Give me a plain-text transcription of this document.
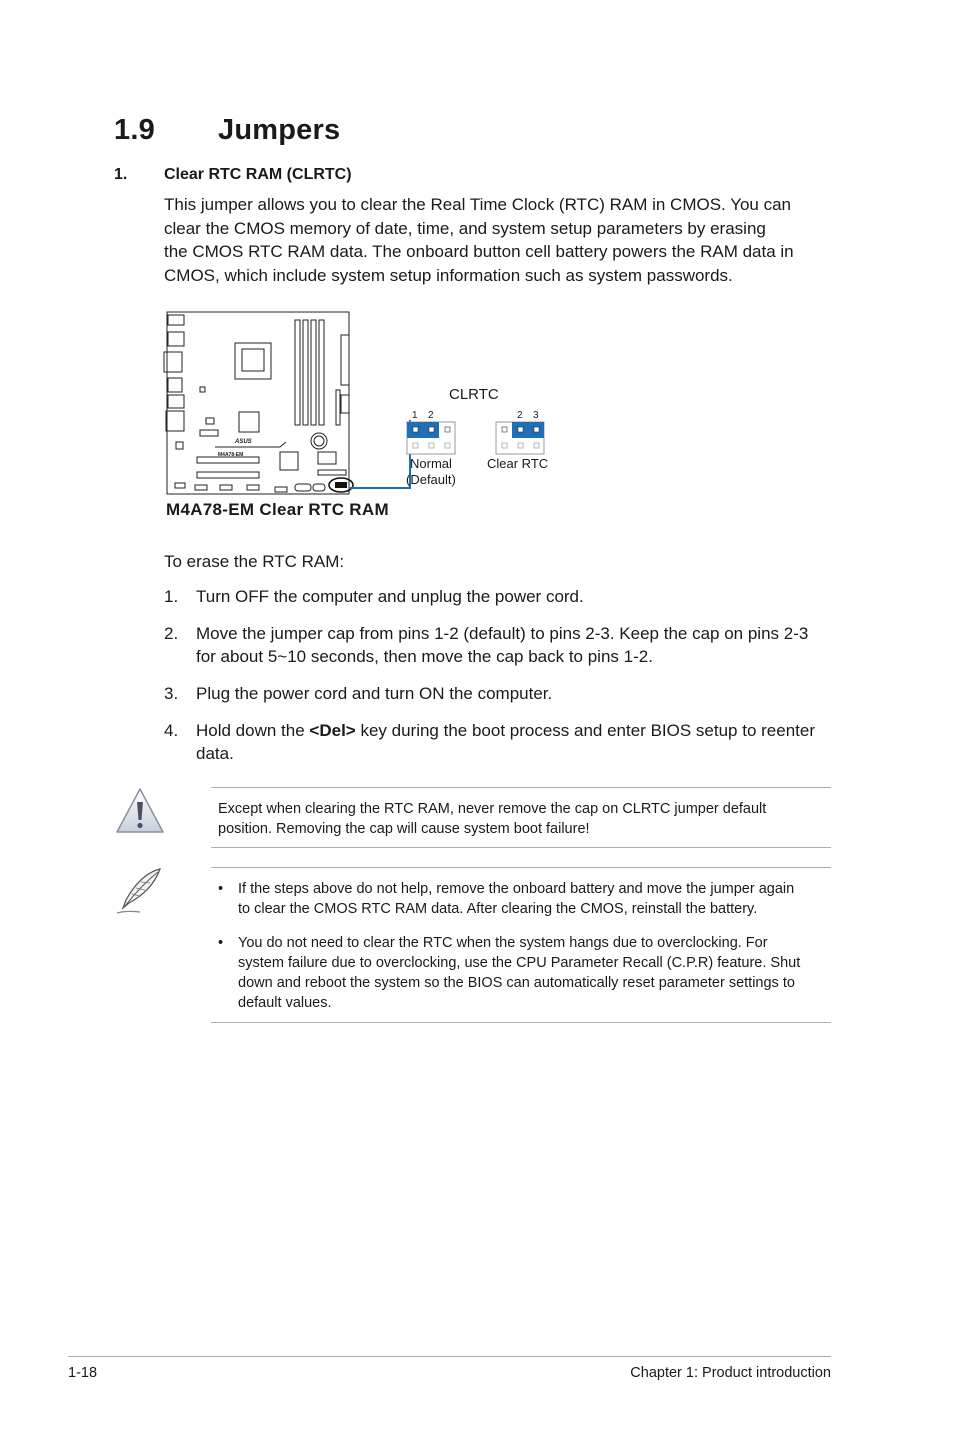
1.9 Jumpers
1. Clear RTC RAM (CLRTC)
This jumper allows you to clear the Real Time Clock (RTC) RAM in CMOS. You can
clear the CMOS memory of date, time, and system setup parameters by erasing
the CMOS RTC RAM data. The onboard button cell battery powers the RAM data in
CMOS, which include system setup information such as system passwords.
ASUS
M4A78-EM
CLRTC
1 2
Normal
(Default)
2 3
Clear RTC
M4A78-EM Clear RTC RAM
To erase the RTC RAM:
1. Turn OFF the computer and unplug the power cord.
2. Move the jumper cap from pins 1-2 (default) to pins 2-3. Keep the cap on pins 2-3
for about 5~10 seconds, then move the cap back to pins 1-2.
3. Plug the power cord and turn ON the computer.
4. Hold down the <Del> key during the boot process and enter BIOS setup to reenter
data.
Except when clearing the RTC RAM, never remove the cap on CLRTC jumper default
position. Removing the cap will cause system boot failure!
• If the steps above do not help, remove the onboard battery and move the jumper again
to clear the CMOS RTC RAM data. After clearing the CMOS, reinstall the battery.
• You do not need to clear the RTC when the system hangs due to overclocking. For
system failure due to overclocking, use the CPU Parameter Recall (C.P.R) feature. Shut
down and reboot the system so the BIOS can automatically reset parameter settings to
default values.
1-18	Chapter 1: Product introduction
